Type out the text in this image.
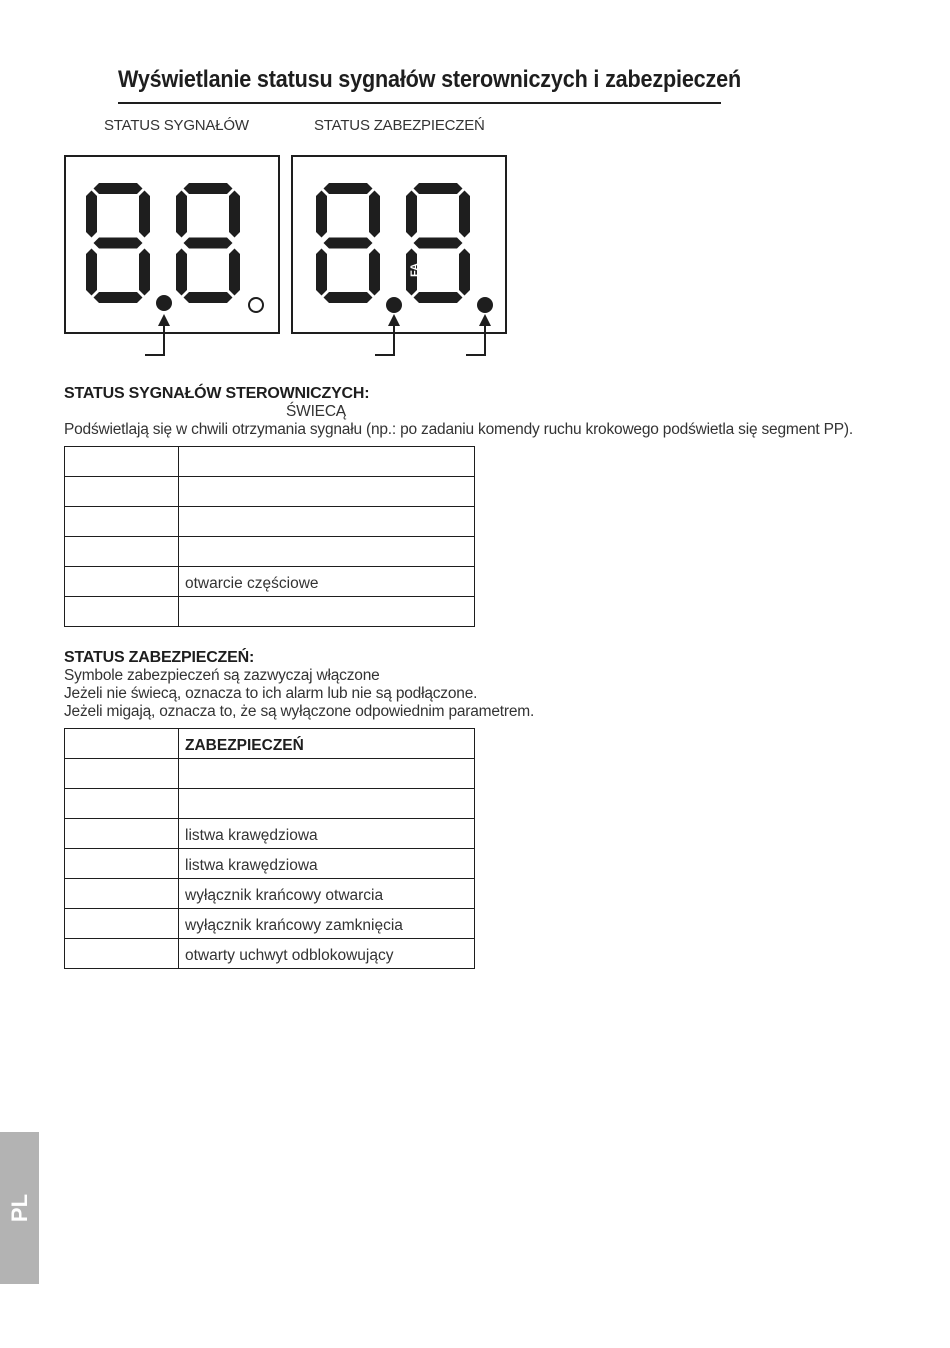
Wyświetlanie statusu sygnałów sterowniczych i zabezpieczeń
STATUS SYGNAŁÓW	STATUS ZABEZPIECZEŃ
FA	FC
STATUS SYGNAŁÓW STEROWNICZYCH:
ŚWIECĄ
Podświetlają się w chwili otrzymania sygnału (np.: po zadaniu komendy ruchu krokowego podświetla się segment PP).

	otwarcie częściowe

STATUS ZABEZPIECZEŃ:
Symbole zabezpieczeń są zazwyczaj włączone
Jeżeli nie świecą, oznacza to ich alarm lub nie są podłączone.
Jeżeli migają, oznacza to, że są wyłączone odpowiednim parametrem.
	ZABEZPIECZEŃ

	listwa krawędziowa
	listwa krawędziowa
	wyłącznik krańcowy otwarcia
	wyłącznik krańcowy zamknięcia
	otwarty uchwyt odblokowujący
PL
